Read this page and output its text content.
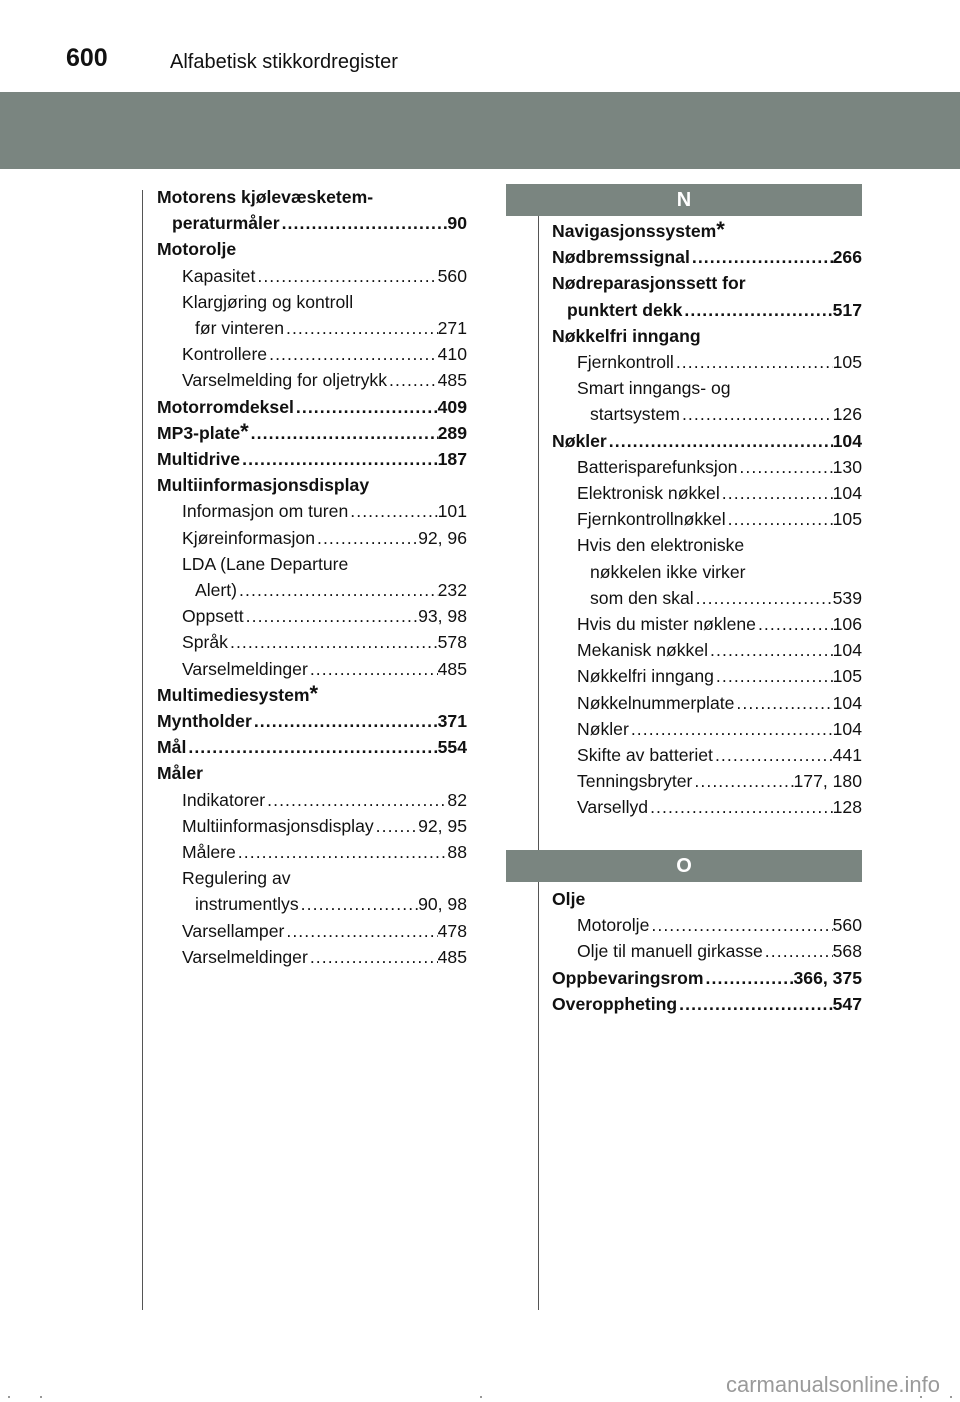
600	Alfabetisk stikkordregister
Motorens kjølevæsketem-
peraturmåler . . .	90
Motorolje
Kapasitet . . .	560
Klargjøring og kontroll
før vinteren . . .	271
Kontrollere . . .	410
Varselmelding for oljetrykk . . .	485
Motorromdeksel . . .	409
MP3-plate * . . .	289
Multidrive . . .	187
Multiinformasjonsdisplay
Informasjon om turen . . .	101
Kjøreinformasjon . . .	92, 96
LDA (Lane Departure
Alert) . . .	232
Oppsett . . .	93, 98
Språk . . .	578
Varselmeldinger . . .	485
Multimediesystem *
Myntholder . . .	371
Mål . . .	554
Måler
Indikatorer . . .	82
Multiinformasjonsdisplay . . .	92, 95
Målere . . .	88
Regulering av
instrumentlys . . .	90, 98
Varsellamper . . .	478
Varselmeldinger . . .	485
N
Navigasjonssystem *
Nødbremssignal . . .	266
Nødreparasjonssett for
punktert dekk . . .	517
Nøkkelfri inngang
Fjernkontroll . . .	105
Smart inngangs- og
startsystem . . .	126
Nøkler . . .	104
Batterisparefunksjon . . .	130
Elektronisk nøkkel . . .	104
Fjernkontrollnøkkel . . .	105
Hvis den elektroniske
nøkkelen ikke virker
som den skal . . .	539
Hvis du mister nøklene . . .	106
Mekanisk nøkkel . . .	104
Nøkkelfri inngang . . .	105
Nøkkelnummerplate . . .	104
Nøkler . . .	104
Skifte av batteriet . . .	441
Tenningsbryter . . .	177, 180
Varsellyd . . .	128
O
Olje
Motorolje . . .	560
Olje til manuell girkasse . . .	568
Oppbevaringsrom . . .	366, 375
Overoppheting . . .	547
carmanualsonline.info
